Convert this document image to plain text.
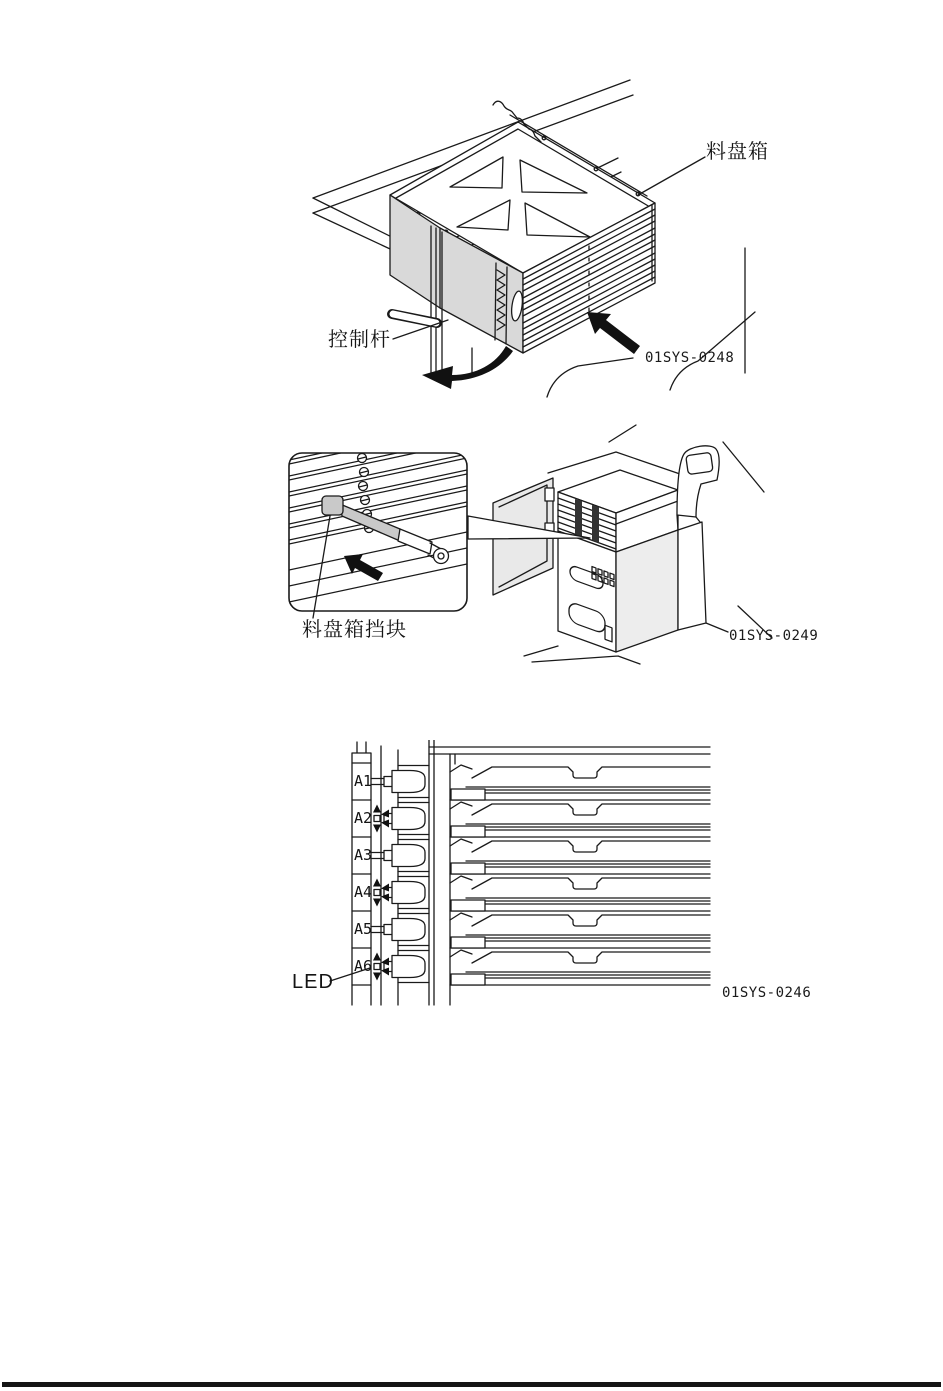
料盘箱
控制杆
01SYS-0248
料盘箱挡块	01SYS-0249
A1
A2
A3
A4
A5
A6
LED	01SYS-0246
